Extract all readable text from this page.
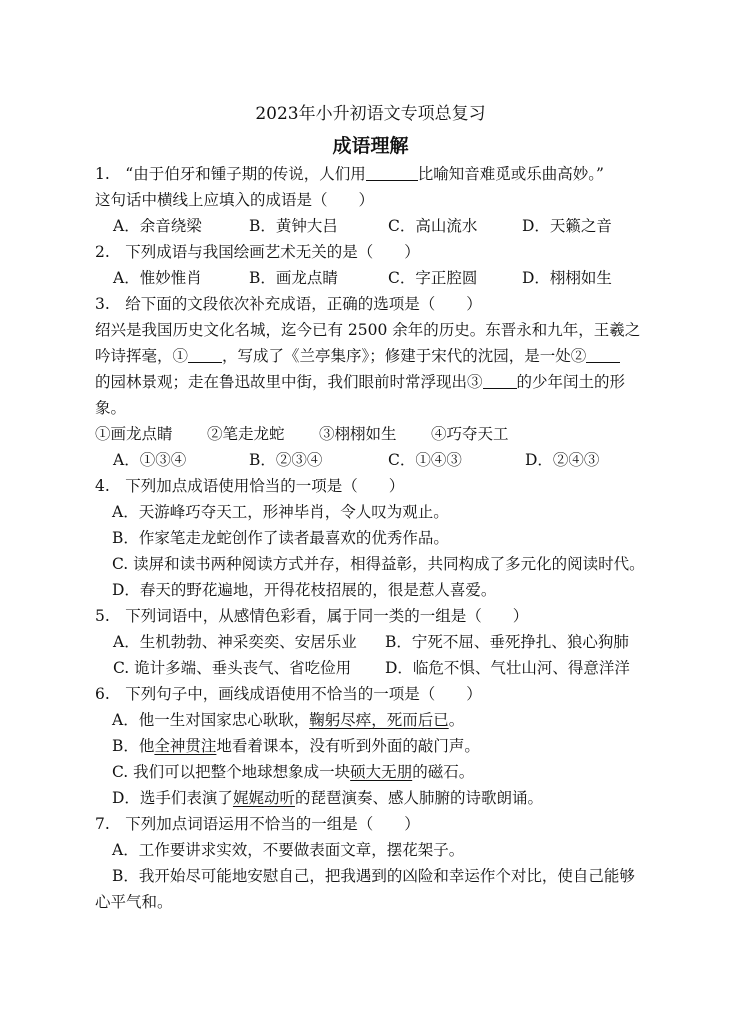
2023年小升初语文专项总复习
成语理解
1.　“由于伯牙和锺子期的传说，人们用	比喻知音难觅或乐曲高妙。”
这句话中横线上应填入的成语是（　　）
A．余音绕梁	B．黄钟大吕	C．高山流水	D．天籁之音
2.　下列成语与我国绘画艺术无关的是（　　）
A．惟妙惟肖	B．画龙点睛	C．字正腔圆	D．栩栩如生
3.　给下面的文段依次补充成语，正确的选项是（　　）
绍兴是我国历史文化名城，迄今已有 2500 余年的历史。东晋永和九年，王羲之
吟诗挥毫，① ，写成了《兰亭集序》；修建于宋代的沈园，是一处②
的园林景观；走在鲁迅故里中街，我们眼前时常浮现出③ 的少年闰土的形
象。
①画龙点睛 ②笔走龙蛇 ③栩栩如生 ④巧夺天工
A．①③④	B．②③④	C．①④③	D．②④③
4.　下列加点成语使用恰当的一项是（　　）
A．天游峰巧夺天工，形神毕肖，令人叹为观止。
B．作家笔走龙蛇创作了读者最喜欢的优秀作品。
C. 读屏和读书两种阅读方式并存，相得益彰，共同构成了多元化的阅读时代。
D．春天的野花遍地，开得花枝招展的，很是惹人喜爱。
5.　下列词语中，从感情色彩看，属于同一类的一组是（　　）
A．生机勃勃、神采奕奕、安居乐业 B．宁死不屈、垂死挣扎、狼心狗肺
C. 诡计多端、垂头丧气、省吃俭用 D．临危不惧、气壮山河、得意洋洋
6.　下列句子中，画线成语使用不恰当的一项是（　　）
A．他一生对国家忠心耿耿，鞠躬尽瘁，死而后已。
B．他全神贯注地看着课本，没有听到外面的敲门声。
C. 我们可以把整个地球想象成一块硕大无朋的磁石。
D．选手们表演了娓娓动听的琵琶演奏、感人肺腑的诗歌朗诵。
7.　下列加点词语运用不恰当的一组是（　　）
A．工作要讲求实效，不要做表面文章，摆花架子。
B．我开始尽可能地安慰自己，把我遇到的凶险和幸运作个对比，使自己能够
心平气和。
